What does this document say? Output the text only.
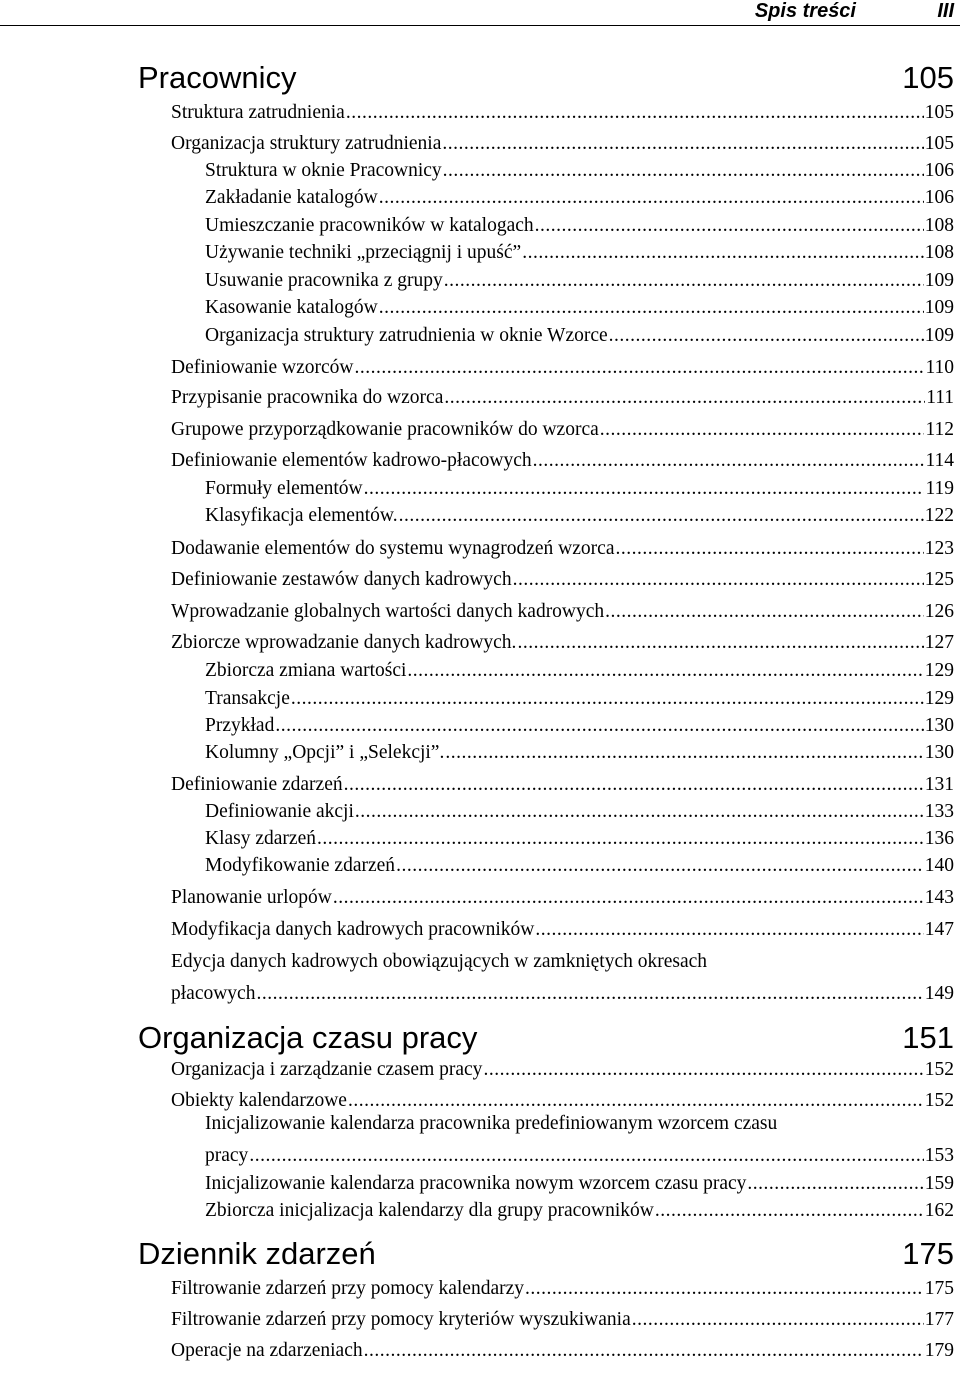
Spis treści	III
Pracownicy	105
Struktura zatrudnienia .....	105
Organizacja struktury zatrudnienia .....	105
Struktura w oknie Pracownicy .....	106
Zakładanie katalogów .....	106
Umieszczanie pracowników w katalogach .....	108
Używanie techniki „przeciągnij i upuść” .....	108
Usuwanie pracownika z grupy .....	109
Kasowanie katalogów .....	109
Organizacja struktury zatrudnienia w oknie Wzorce .....	109
Definiowanie wzorców .....	110
Przypisanie pracownika do wzorca .....	111
Grupowe przyporządkowanie pracowników do wzorca .....	112
Definiowanie elementów kadrowo-płacowych .....	114
Formuły elementów .....	119
Klasyfikacja elementów. .....	122
Dodawanie elementów do systemu wynagrodzeń wzorca .....	123
Definiowanie zestawów danych kadrowych .....	125
Wprowadzanie globalnych wartości danych kadrowych .....	126
Zbiorcze wprowadzanie danych kadrowych. .....	127
Zbiorcza zmiana wartości .....	129
Transakcje .....	129
Przykład .....	130
Kolumny „Opcji” i „Selekcji”. .....	130
Definiowanie zdarzeń .....	131
Definiowanie akcji .....	133
Klasy zdarzeń .....	136
Modyfikowanie zdarzeń .....	140
Planowanie urlopów .....	143
Modyfikacja danych kadrowych pracowników .....	147
Edycja danych kadrowych obowiązujących w zamkniętych okresach
płacowych .....	149
Organizacja czasu pracy	151
Organizacja i zarządzanie czasem pracy .....	152
Obiekty kalendarzowe .....	152
Inicjalizowanie kalendarza pracownika predefiniowanym wzorcem czasu
pracy .....	153
Inicjalizowanie kalendarza pracownika nowym wzorcem czasu pracy .....	159
Zbiorcza inicjalizacja kalendarzy dla grupy pracowników .....	162
Dziennik zdarzeń	175
Filtrowanie zdarzeń przy pomocy kalendarzy .....	175
Filtrowanie zdarzeń przy pomocy kryteriów wyszukiwania .....	177
Operacje na zdarzeniach .....	179
